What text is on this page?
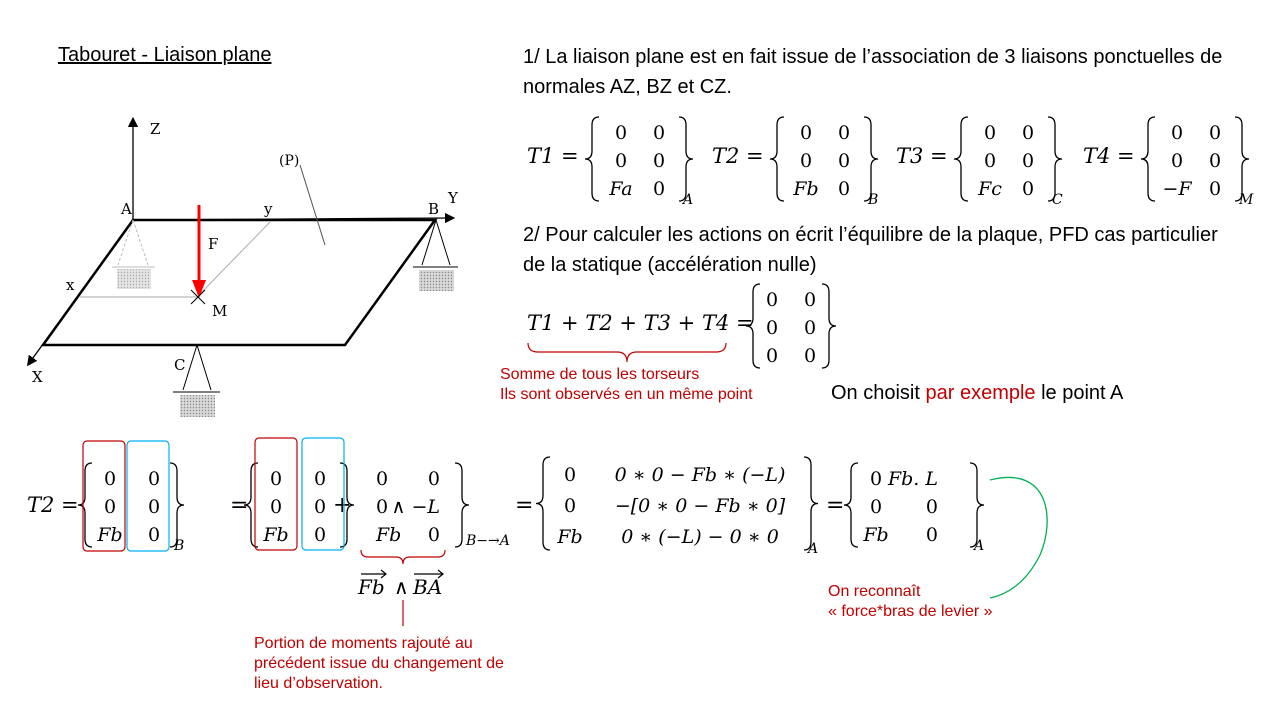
Tabouret - Liaison plane	1/ La liaison plane est en fait issue de l’association de 3 liaisons ponctuelles de normales AZ, BZ et CZ.
2/ Pour calculer les actions on écrit l’équilibre de la plaque, PFD cas particulier de la statique (accélération nulle)
Somme de tous les torseurs
Ils sont observés en un même point	On choisit par exemple le point A
Portion de moments rajouté au précédent issue du changement de lieu d’observation.
On reconnaît
« force*bras de levier »
Z
Y
X
A	B
C
M
F
x
y
(P)	T1 =
0 0
0 0
Fa 0
A
T2 =
0 0
0 0
Fb 0
B
T3 =
0 0
0 0
Fc 0
C
T4 =
0 0
0 0
−F 0
M
T1 + T2 + T3 + T4 =
0 0
0 0
0 0
T2 =
0 0
0 0
Fb 0
B
=
0 0
0 0
Fb 0
+
0 0
0 ∧ −L
Fb 0 B−→A
=
0 0 ∗ 0 − Fb ∗ (−L)
0 −[0 ∗ 0 − Fb ∗ 0]
Fb 0 ∗ (−L) − 0 ∗ 0
A
=
0 Fb. L
0 0
Fb 0
A
Fb ∧ BA
